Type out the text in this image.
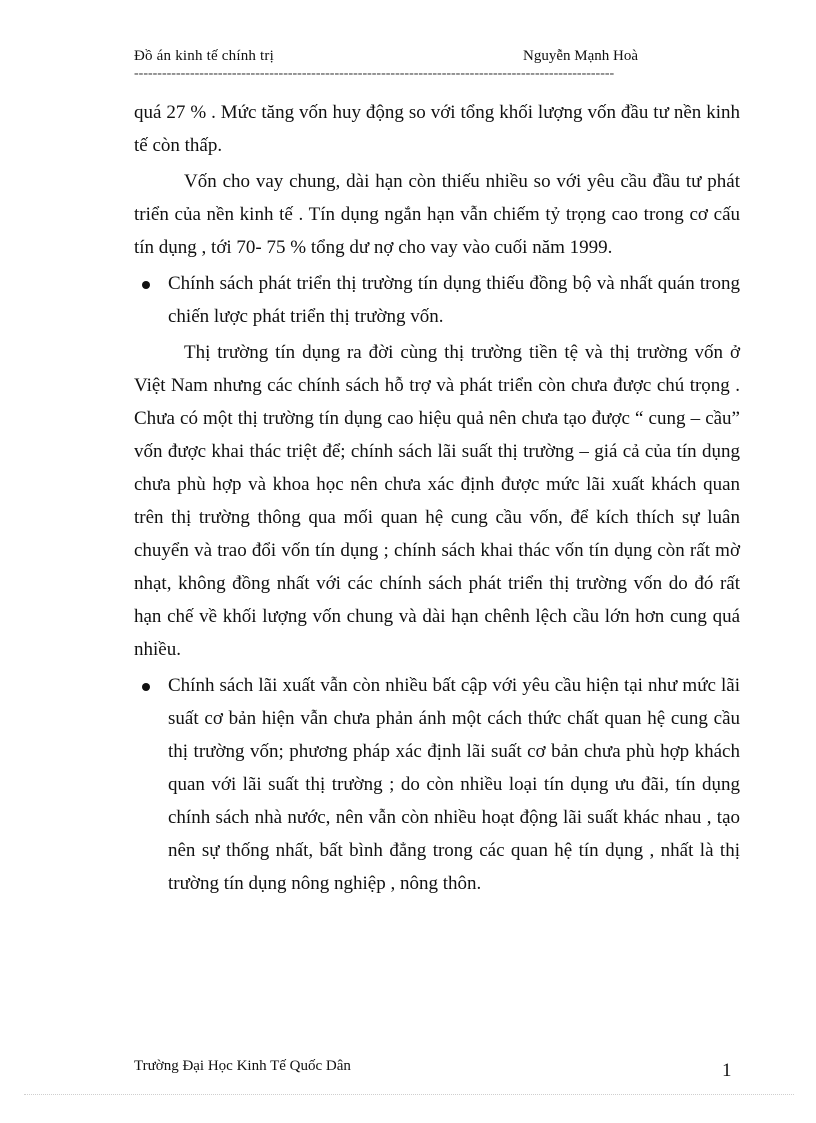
Đồ án kinh tế chính trị	Nguyễn Mạnh Hoà
-------------------------------------------------------------------------------------------------------

quá 27 % . Mức tăng vốn huy động so với tổng khối lượng vốn đầu tư nền kinh tế còn thấp.

Vốn cho vay chung, dài hạn còn thiếu nhiều so với yêu cầu đầu tư phát triển của nền kinh tế . Tín dụng ngắn hạn vẫn chiếm tỷ trọng cao trong cơ cấu tín dụng , tới 70- 75 % tổng dư nợ cho vay vào cuối năm 1999.

Chính sách phát triển thị trường tín dụng thiếu đồng bộ và nhất quán trong chiến lược phát triển thị trường vốn.

Thị trường tín dụng ra đời cùng thị trường tiền tệ và thị trường vốn ở Việt Nam nhưng các chính sách hỗ trợ và phát triển còn chưa được chú trọng . Chưa có một thị trường tín dụng cao hiệu quả nên chưa tạo được “ cung – cầu” vốn được khai thác triệt để; chính sách lãi suất thị trường – giá cả của tín dụng chưa phù hợp và khoa học nên chưa xác định được mức lãi xuất khách quan trên thị trường thông qua mối quan hệ cung cầu vốn, để kích thích sự luân chuyển và trao đổi vốn tín dụng ; chính sách khai thác vốn tín dụng còn rất mờ nhạt, không đồng nhất với các chính sách phát triển thị trường vốn do đó rất hạn chế về khối lượng vốn chung và dài hạn chênh lệch cầu lớn hơn cung quá nhiều.

Chính sách lãi xuất vẫn còn nhiều bất cập với yêu cầu hiện tại như mức lãi suất cơ bản hiện vẫn chưa phản ánh một cách thức chất quan hệ cung cầu thị trường vốn; phương pháp xác định lãi suất cơ bản chưa phù hợp khách quan với lãi suất thị trường ; do còn nhiều loại tín dụng ưu đãi, tín dụng chính sách nhà nước, nên vẫn còn nhiều hoạt động lãi suất khác nhau , tạo nên sự thống nhất, bất bình đẳng trong các quan hệ tín dụng , nhất là thị trường tín dụng nông nghiệp , nông thôn.
Trường Đại Học Kinh Tế Quốc Dân	1
